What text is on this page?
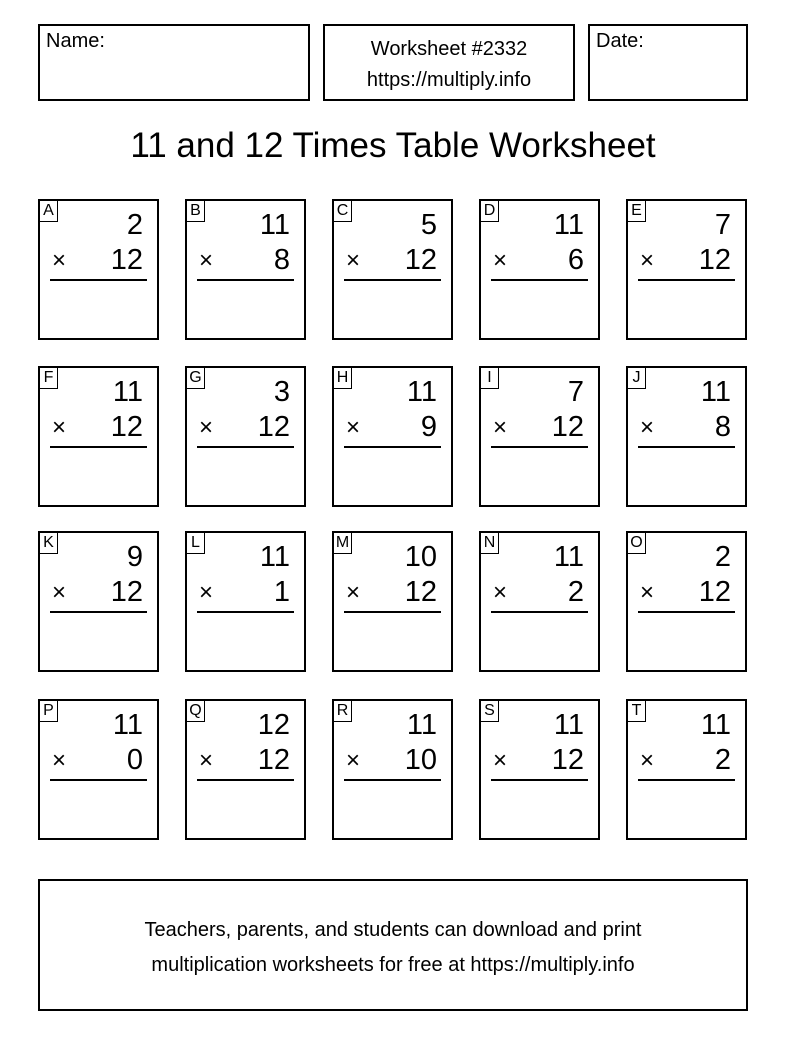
Name:	Worksheet #2332
https://multiply.info
Date:
11 and 12 Times Table Worksheet
A	2
× 12
B 11
× 8
C	5
× 12
D 11
× 6
E	7
× 12
F 11
× 12
G 3
× 12
H 11
× 9
I	7
× 12
J 11
× 8
K	9
× 12
L 11
× 1
M 10
× 12
N 11
× 2
O 2
× 12
P 11
× 0
Q 12
× 12
R 11
× 10
S 11
× 12
T 11
× 2
Teachers, parents, and students can download and print
multiplication worksheets for free at https://multiply.info
